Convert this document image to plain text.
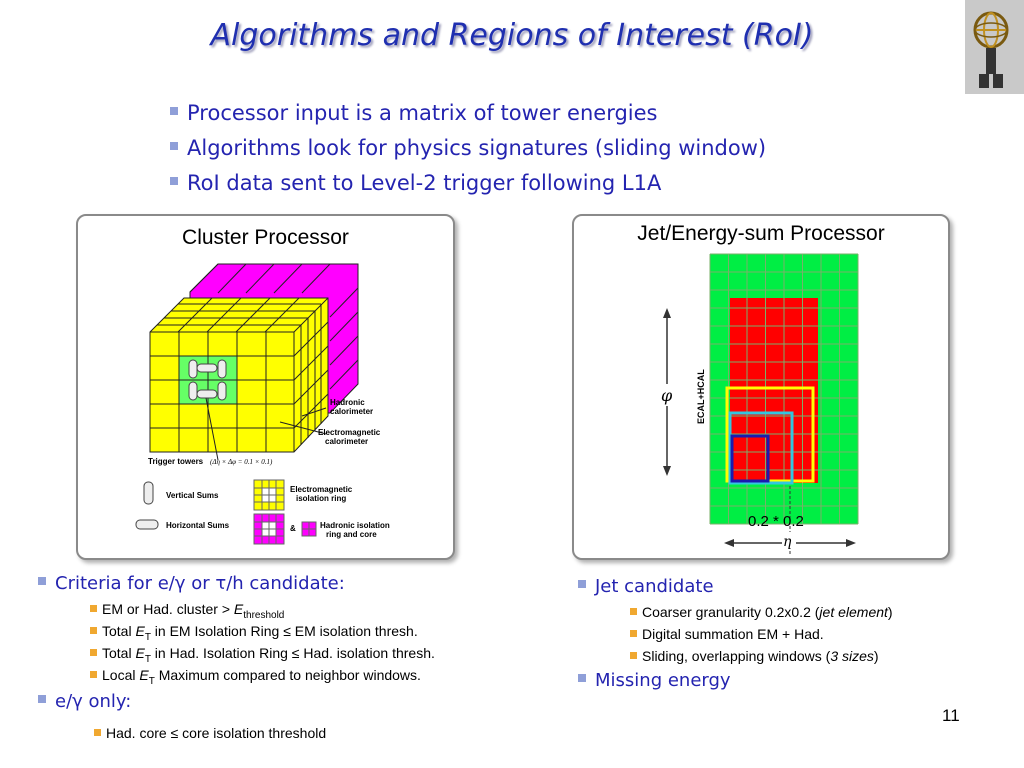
Algorithms and Regions of Interest (RoI)
Processor input is a matrix of tower energies
Algorithms look for physics signatures (sliding window)
RoI data sent to Level-2 trigger following L1A
Cluster Processor
Hadronic
calorimeter
Electromagnetic
calorimeter
Trigger towers (Δη × Δφ = 0.1 × 0.1)
Vertical Sums
Horizontal Sums
Electromagnetic
isolation ring
&	Hadronic isolation
ring and core
Jet/Energy-sum Processor
φ	ECAL+HCAL
0.2 * 0.2
η
Criteria for e/γ or τ/h candidate:
EM or Had. cluster > $E_{threshold}$
Total $E_T$ in EM Isolation Ring ≤ EM isolation thresh.
Total $E_T$ in Had. Isolation Ring ≤ Had. isolation thresh.
Local $E_T$ Maximum compared to neighbor windows.
e/γ only:
Had. core ≤ core isolation threshold
Jet candidate
Coarser granularity 0.2x0.2 (jet element)
Digital summation EM + Had.
Sliding, overlapping windows (3 sizes)
Missing energy
11
